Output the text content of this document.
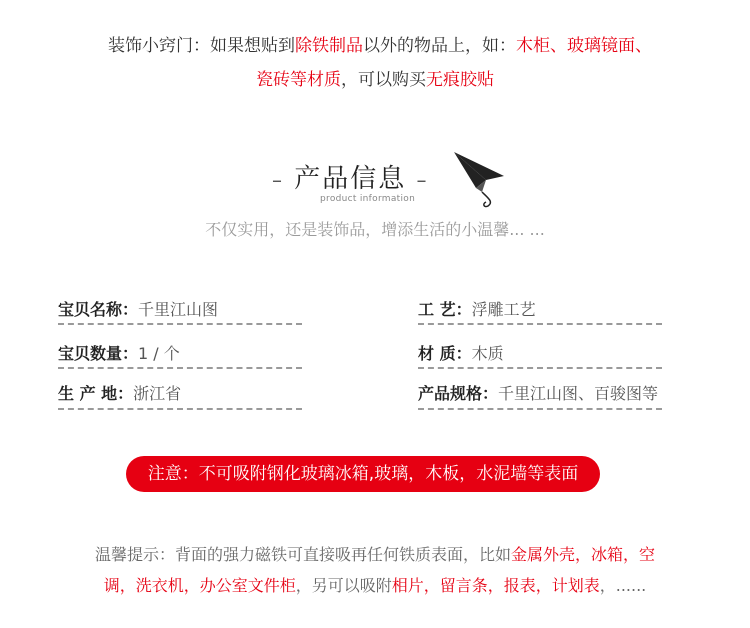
装饰小窍门：如果想贴到除铁制品以外的物品上，如：木柜、玻璃镜面、
瓷砖等材质，可以购买无痕胶贴
– 产品信息 –
product information
不仅实用，还是装饰品，增添生活的小温馨... ...
宝贝名称：千里江山图	工 艺：浮雕工艺
宝贝数量：1 / 个	材 质：木质
生 产 地：浙江省	产品规格：千里江山图、百骏图等
注意：不可吸附钢化玻璃冰箱,玻璃，木板，水泥墙等表面
温馨提示：背面的强力磁铁可直接吸再任何铁质表面，比如金属外壳，冰箱，空
调，洗衣机，办公室文件柜，另可以吸附相片，留言条，报表，计划表，......
